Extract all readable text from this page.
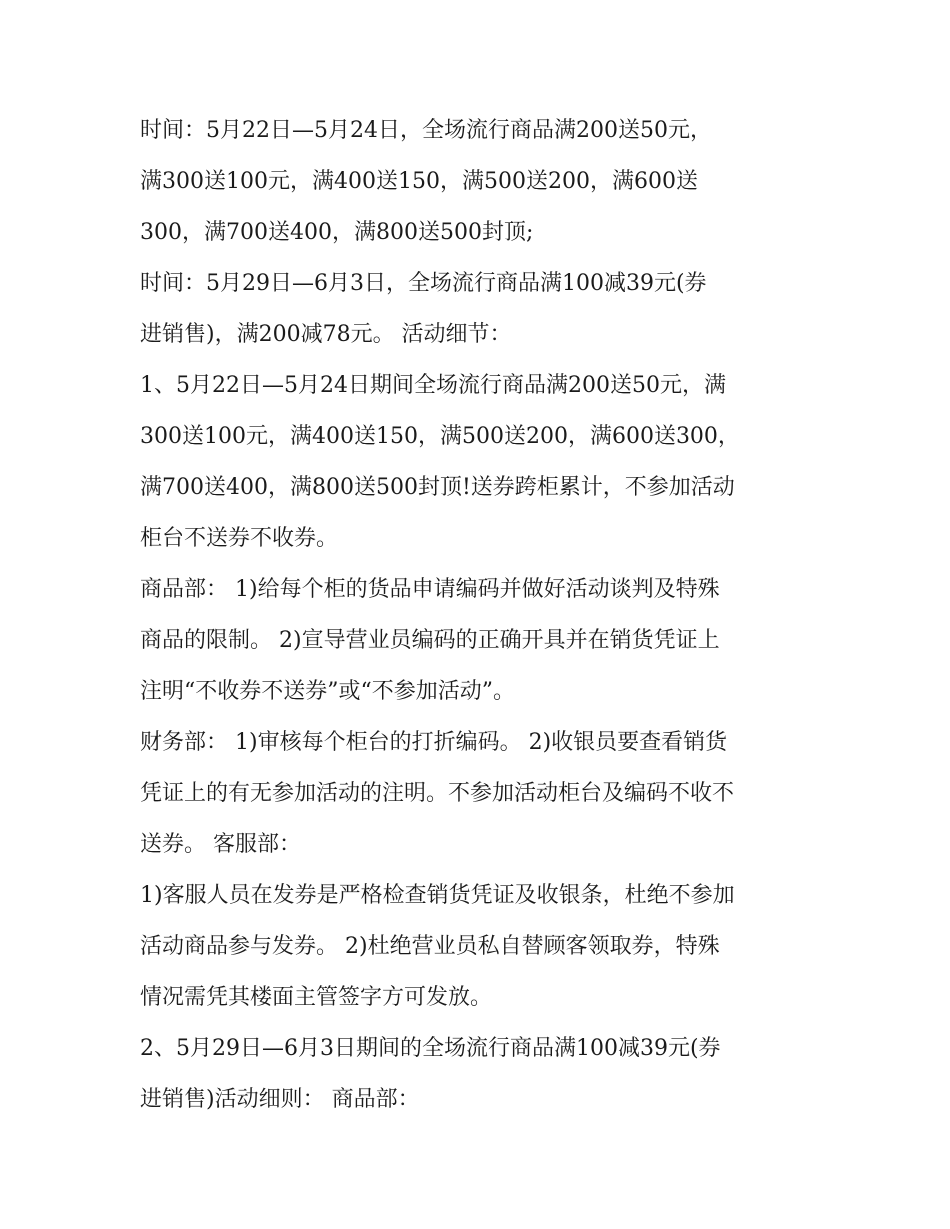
时间：5月22日—5月24日，全场流行商品满200送50元，
满300送100元，满400送150，满500送200，满600送
300，满700送400，满800送500封顶;
时间：5月29日—6月3日，全场流行商品满100减39元(券
进销售)，满200减78元。 活动细节：
1、5月22日—5月24日期间全场流行商品满200送50元，满
300送100元，满400送150，满500送200，满600送300，
满700送400，满800送500封顶!送券跨柜累计，不参加活动
柜台不送券不收券。
商品部： 1)给每个柜的货品申请编码并做好活动谈判及特殊
商品的限制。 2)宣导营业员编码的正确开具并在销货凭证上
注明“不收券不送券”或“不参加活动”。
财务部： 1)审核每个柜台的打折编码。 2)收银员要查看销货
凭证上的有无参加活动的注明。不参加活动柜台及编码不收不
送券。 客服部：
1)客服人员在发券是严格检查销货凭证及收银条，杜绝不参加
活动商品参与发券。 2)杜绝营业员私自替顾客领取券，特殊
情况需凭其楼面主管签字方可发放。
2、5月29日—6月3日期间的全场流行商品满100减39元(券
进销售)活动细则： 商品部：
